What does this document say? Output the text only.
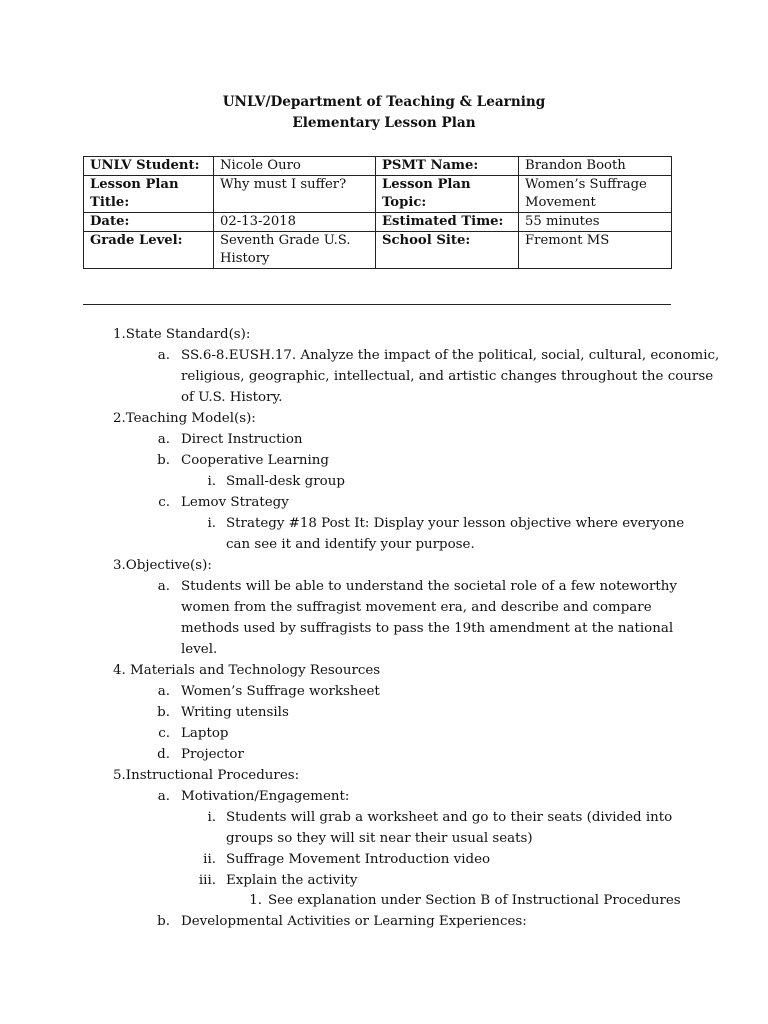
UNLV/Department of Teaching & Learning
Elementary Lesson Plan
UNLV Student:	Nicole Ouro	PSMT Name:	Brandon Booth
Lesson Plan Title:	Why must I suffer?	Lesson Plan Topic:	Women’s Suffrage Movement
Date:	02-13-2018	Estimated Time:	55 minutes
Grade Level:	Seventh Grade U.S. History	School Site:	Fremont MS
1.State Standard(s):
a. SS.6-8.EUSH.17. Analyze the impact of the political, social, cultural, economic,
religious, geographic, intellectual, and artistic changes throughout the course
of U.S. History.
2.Teaching Model(s):
a. Direct Instruction
b. Cooperative Learning
i. Small-desk group
c. Lemov Strategy
i. Strategy #18 Post It: Display your lesson objective where everyone
can see it and identify your purpose.
3.Objective(s):
a. Students will be able to understand the societal role of a few noteworthy
women from the suffragist movement era, and describe and compare
methods used by suffragists to pass the 19th amendment at the national
level.
4. Materials and Technology Resources
a. Women’s Suffrage worksheet
b. Writing utensils
c. Laptop
d. Projector
5.Instructional Procedures:
a. Motivation/Engagement:
i. Students will grab a worksheet and go to their seats (divided into
groups so they will sit near their usual seats)
ii. Suffrage Movement Introduction video
iii. Explain the activity
1. See explanation under Section B of Instructional Procedures
b. Developmental Activities or Learning Experiences:
